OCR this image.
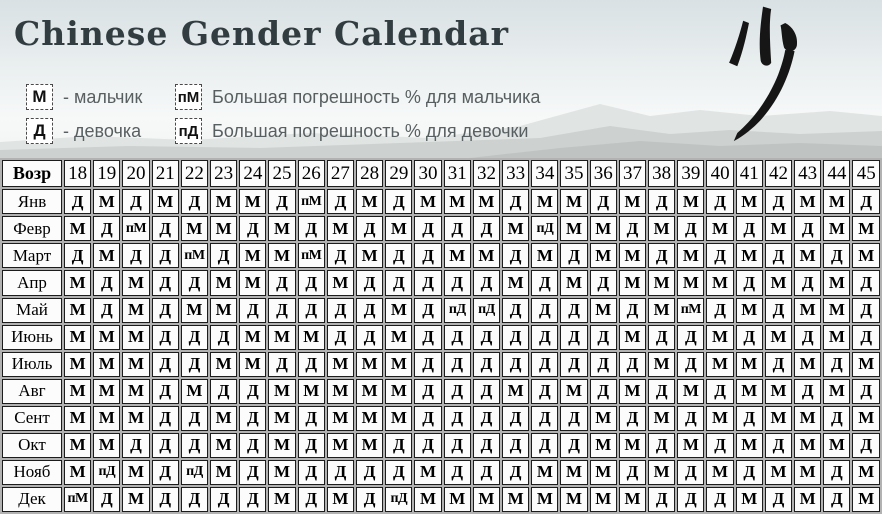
Chinese Gender Calendar
М - мальчик	пМ Большая погрешность % для мальчика
Д - девочка	пД Большая погрешность % для девочки
Возр	18	19	20	21	22	23	24	25	26	27	28	29	30	31	32	33	34	35	36	37	38	39	40	41	42	43	44	45
Янв	Д	М	Д	М	Д	М	М	Д	пМ	Д	М	Д	М	М	М	Д	М	М	Д	М	Д	М	Д	М	Д	М	М	Д
Февр	М	Д	пМ	Д	М	М	Д	М	Д	М	Д	М	Д	Д	Д	М	пД	М	М	Д	М	Д	М	Д	М	Д	М	М
Март	Д	М	Д	Д	пМ	Д	М	М	пМ	Д	М	Д	Д	М	М	Д	М	Д	М	М	Д	М	Д	М	Д	М	Д	М
Апр	М	Д	М	Д	Д	М	М	Д	Д	М	Д	Д	Д	Д	Д	М	Д	М	Д	М	М	М	М	Д	М	Д	М	Д
Май	М	Д	М	Д	М	М	Д	Д	Д	Д	Д	М	Д	пД	пД	Д	Д	Д	М	Д	М	пМ	Д	М	Д	М	М	Д
Июнь	М	М	М	Д	Д	Д	М	М	М	Д	Д	М	Д	Д	Д	Д	Д	Д	Д	М	Д	Д	М	Д	М	Д	М	Д
Июль	М	М	М	Д	Д	М	М	Д	Д	М	М	М	Д	Д	Д	Д	Д	Д	Д	Д	М	Д	М	М	Д	М	Д	М
Авг	М	М	М	Д	М	Д	Д	М	М	М	М	М	Д	Д	Д	М	Д	М	Д	М	Д	М	Д	М	М	Д	М	Д
Сент	М	М	М	Д	Д	М	Д	М	Д	М	М	М	Д	Д	Д	Д	Д	Д	М	Д	М	Д	М	Д	М	М	Д	М
Окт	М	М	Д	Д	Д	М	Д	М	Д	М	М	Д	Д	Д	Д	Д	Д	Д	М	М	Д	М	Д	М	Д	М	М	Д
Нояб	М	пД	М	Д	пД	М	Д	М	Д	Д	Д	Д	М	Д	Д	Д	М	М	М	Д	М	Д	М	Д	М	М	Д	М
Дек	пМ	Д	М	Д	Д	Д	Д	М	Д	М	Д	пД	М	М	М	М	М	М	М	М	Д	Д	Д	М	Д	М	Д	М
